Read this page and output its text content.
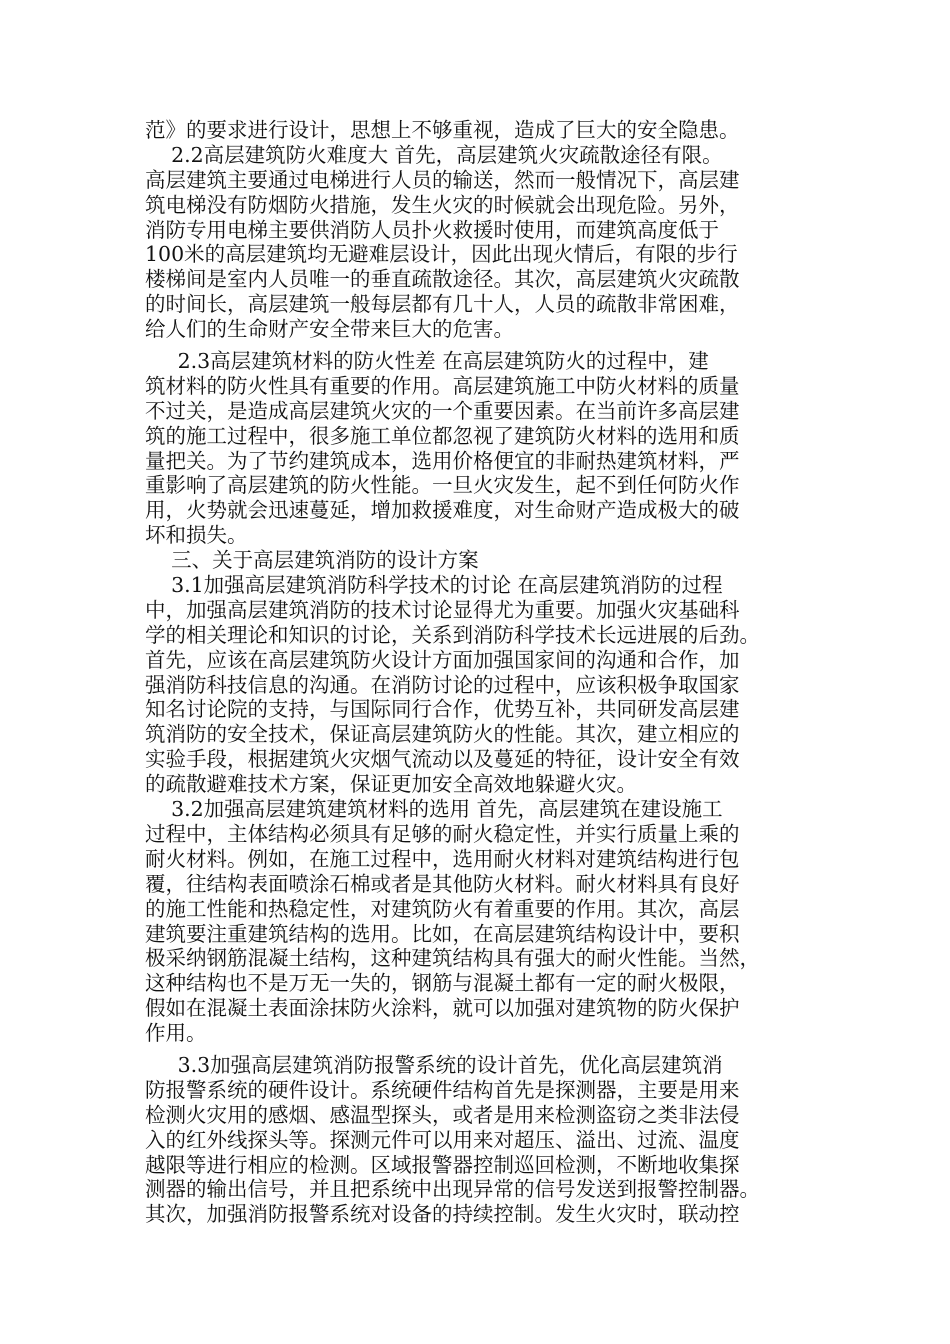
范》的要求进行设计，思想上不够重视，造成了巨大的安全隐患。
2.2高层建筑防火难度大 首先，高层建筑火灾疏散途径有限。
高层建筑主要通过电梯进行人员的输送，然而一般情况下，高层建
筑电梯没有防烟防火措施，发生火灾的时候就会出现危险。另外，
消防专用电梯主要供消防人员扑火救援时使用，而建筑高度低于
100米的高层建筑均无避难层设计，因此出现火情后，有限的步行
楼梯间是室内人员唯一的垂直疏散途径。其次，高层建筑火灾疏散
的时间长，高层建筑一般每层都有几十人，人员的疏散非常困难，
给人们的生命财产安全带来巨大的危害。
2.3高层建筑材料的防火性差 在高层建筑防火的过程中，建
筑材料的防火性具有重要的作用。高层建筑施工中防火材料的质量
不过关，是造成高层建筑火灾的一个重要因素。在当前许多高层建
筑的施工过程中，很多施工单位都忽视了建筑防火材料的选用和质
量把关。为了节约建筑成本，选用价格便宜的非耐热建筑材料，严
重影响了高层建筑的防火性能。一旦火灾发生，起不到任何防火作
用，火势就会迅速蔓延，增加救援难度，对生命财产造成极大的破
坏和损失。
三、关于高层建筑消防的设计方案
3.1加强高层建筑消防科学技术的讨论 在高层建筑消防的过程
中，加强高层建筑消防的技术讨论显得尤为重要。加强火灾基础科
学的相关理论和知识的讨论，关系到消防科学技术长远进展的后劲。
首先，应该在高层建筑防火设计方面加强国家间的沟通和合作，加
强消防科技信息的沟通。在消防讨论的过程中，应该积极争取国家
知名讨论院的支持，与国际同行合作，优势互补，共同研发高层建
筑消防的安全技术，保证高层建筑防火的性能。其次，建立相应的
实验手段，根据建筑火灾烟气流动以及蔓延的特征，设计安全有效
的疏散避难技术方案，保证更加安全高效地躲避火灾。
3.2加强高层建筑建筑材料的选用 首先，高层建筑在建设施工
过程中，主体结构必须具有足够的耐火稳定性，并实行质量上乘的
耐火材料。例如，在施工过程中，选用耐火材料对建筑结构进行包
覆，往结构表面喷涂石棉或者是其他防火材料。耐火材料具有良好
的施工性能和热稳定性，对建筑防火有着重要的作用。其次，高层
建筑要注重建筑结构的选用。比如，在高层建筑结构设计中，要积
极采纳钢筋混凝土结构，这种建筑结构具有强大的耐火性能。当然，
这种结构也不是万无一失的，钢筋与混凝土都有一定的耐火极限，
假如在混凝土表面涂抹防火涂料，就可以加强对建筑物的防火保护
作用。
3.3加强高层建筑消防报警系统的设计首先，优化高层建筑消
防报警系统的硬件设计。系统硬件结构首先是探测器，主要是用来
检测火灾用的感烟、感温型探头，或者是用来检测盗窃之类非法侵
入的红外线探头等。探测元件可以用来对超压、溢出、过流、温度
越限等进行相应的检测。区域报警器控制巡回检测，不断地收集探
测器的输出信号，并且把系统中出现异常的信号发送到报警控制器。
其次，加强消防报警系统对设备的持续控制。发生火灾时，联动控
